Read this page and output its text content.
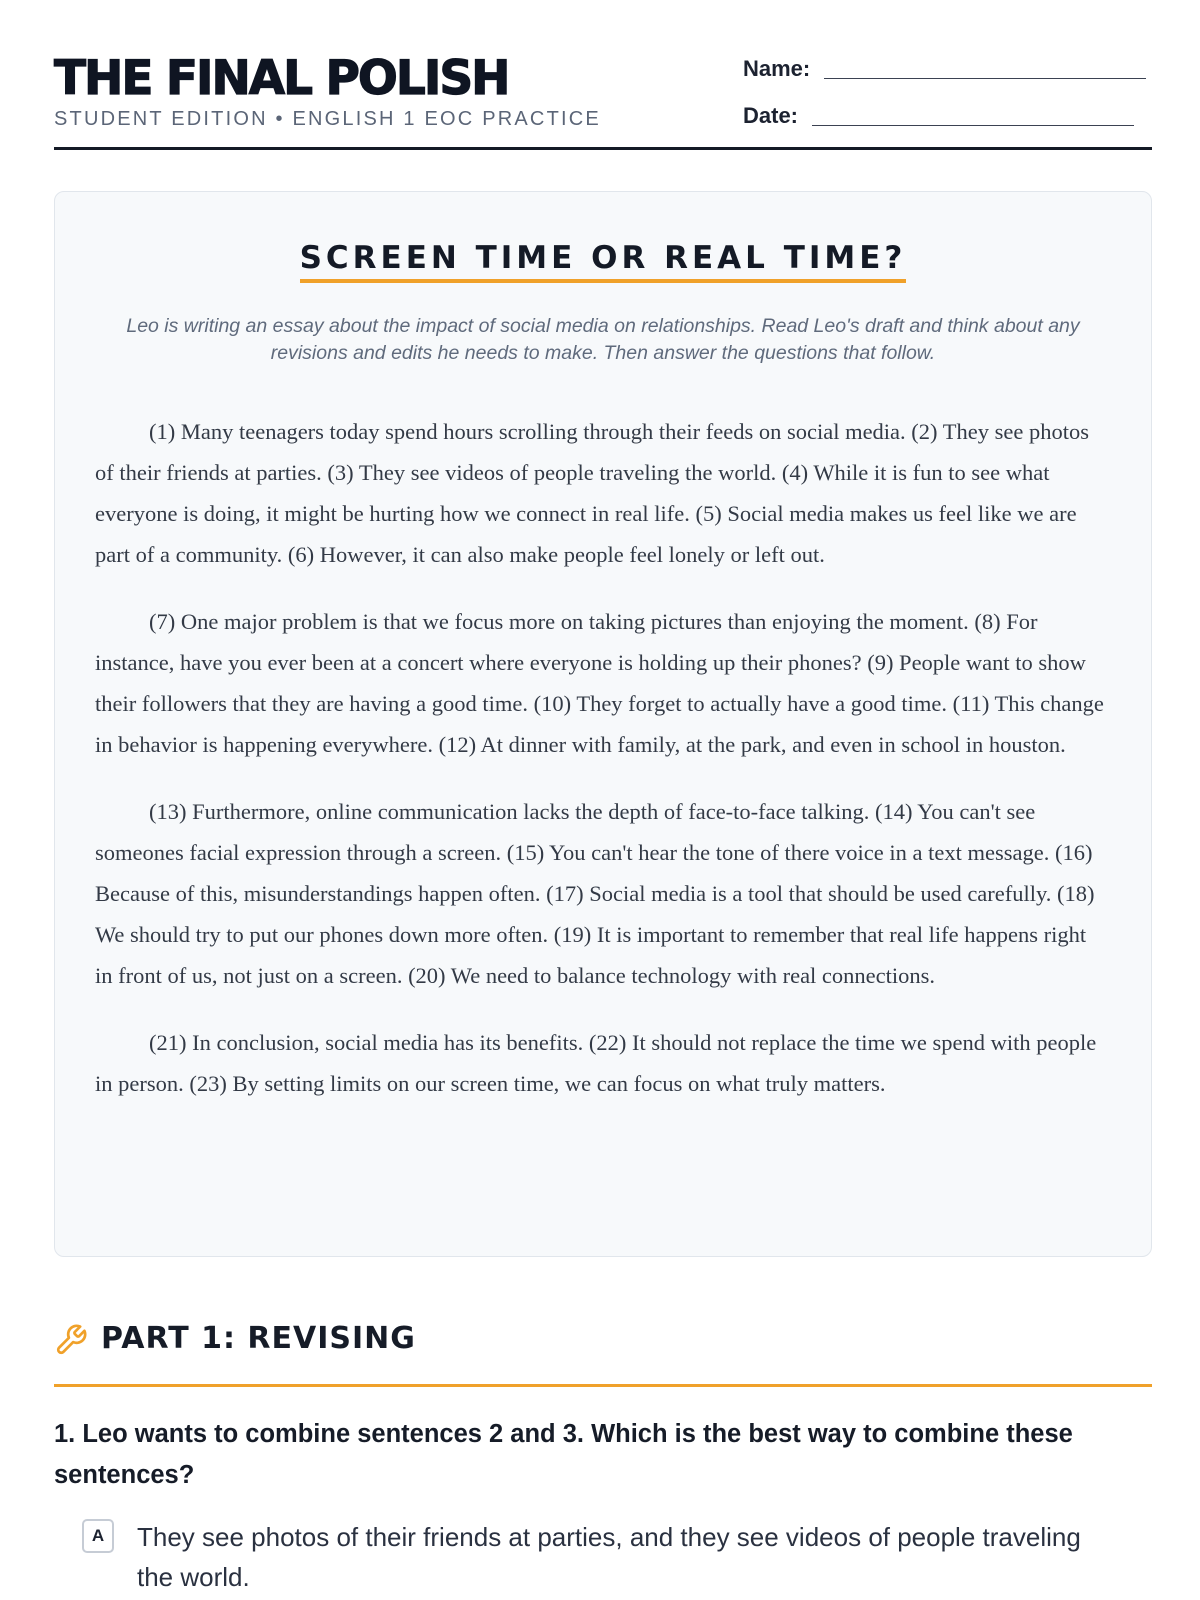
THE FINAL POLISH
STUDENT EDITION • ENGLISH 1 EOC PRACTICE
Name:
Date:
SCREEN TIME OR REAL TIME?
Leo is writing an essay about the impact of social media on relationships. Read Leo's draft and think about any revisions and edits he needs to make. Then answer the questions that follow.

(1) Many teenagers today spend hours scrolling through their feeds on social media. (2) They see photos of their friends at parties. (3) They see videos of people traveling the world. (4) While it is fun to see what everyone is doing, it might be hurting how we connect in real life. (5) Social media makes us feel like we are part of a community. (6) However, it can also make people feel lonely or left out.

(7) One major problem is that we focus more on taking pictures than enjoying the moment. (8) For instance, have you ever been at a concert where everyone is holding up their phones? (9) People want to show their followers that they are having a good time. (10) They forget to actually have a good time. (11) This change in behavior is happening everywhere. (12) At dinner with family, at the park, and even in school in houston.

(13) Furthermore, online communication lacks the depth of face-to-face talking. (14) You can't see someones facial expression through a screen. (15) You can't hear the tone of there voice in a text message. (16) Because of this, misunderstandings happen often. (17) Social media is a tool that should be used carefully. (18) We should try to put our phones down more often. (19) It is important to remember that real life happens right in front of us, not just on a screen. (20) We need to balance technology with real connections.

(21) In conclusion, social media has its benefits. (22) It should not replace the time we spend with people in person. (23) By setting limits on our screen time, we can focus on what truly matters.

PART 1: REVISING

1. Leo wants to combine sentences 2 and 3. Which is the best way to combine these sentences?

A	They see photos of their friends at parties, and they see videos of people traveling the world.
